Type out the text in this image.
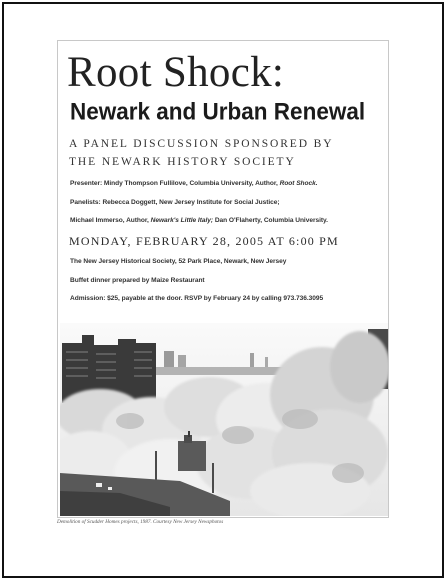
Root Shock:
Newark and Urban Renewal
A PANEL DISCUSSION SPONSORED BY
THE NEWARK HISTORY SOCIETY
Presenter: Mindy Thompson Fullilove, Columbia University, Author, Root Shock.
Panelists: Rebecca Doggett, New Jersey Institute for Social Justice;
Michael Immerso, Author, Newark's Little Italy; Dan O'Flaherty, Columbia University.
MONDAY, FEBRUARY 28, 2005 AT 6:00 PM
The New Jersey Historical Society, 52 Park Place, Newark, New Jersey
Buffet dinner prepared by Maize Restaurant
Admission: $25, payable at the door. RSVP by February 24 by calling 973.736.3095
Demolition of Scudder Homes projects, 1987. Courtesy New Jersey Newsphotos
